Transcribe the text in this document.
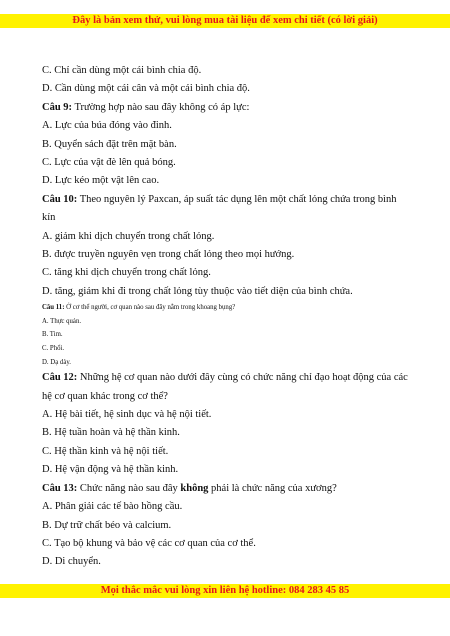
Đây là bản xem thử, vui lòng mua tài liệu để xem chi tiết (có lời giải)
C. Chỉ cần dùng một cái bình chia độ.
D. Cần dùng một cái cân và một cái bình chia độ.
Câu 9: Trường hợp nào sau đây không có áp lực:
A. Lực của búa đóng vào đinh.
B. Quyển sách đặt trên mặt bàn.
C. Lực của vật đè lên quả bóng.
D. Lực kéo một vật lên cao.
Câu 10: Theo nguyên lý Paxcan, áp suất tác dụng lên một chất lỏng chứa trong bình kín
A. giảm khi dịch chuyển trong chất lỏng.
B. được truyền nguyên vẹn trong chất lỏng theo mọi hướng.
C. tăng khi dịch chuyển trong chất lỏng.
D. tăng, giảm khi đi trong chất lỏng tùy thuộc vào tiết diện của bình chứa.
Câu 11: Ở cơ thể người, cơ quan nào sau đây nằm trong khoang bụng?
A. Thực quản.
B. Tim.
C. Phổi.
D. Dạ dày.
Câu 12: Những hệ cơ quan nào dưới đây cùng có chức năng chỉ đạo hoạt động của các hệ cơ quan khác trong cơ thể?
A. Hệ bài tiết, hệ sinh dục và hệ nội tiết.
B. Hệ tuần hoàn và hệ thần kinh.
C. Hệ thần kinh và hệ nội tiết.
D. Hệ vận động và hệ thần kinh.
Câu 13: Chức năng nào sau đây không phải là chức năng của xương?
A. Phân giải các tế bào hồng cầu.
B. Dự trữ chất béo và calcium.
C. Tạo bộ khung và bảo vệ các cơ quan của cơ thể.
D. Di chuyển.
Mọi thắc mắc vui lòng xin liên hệ hotline: 084 283 45 85
